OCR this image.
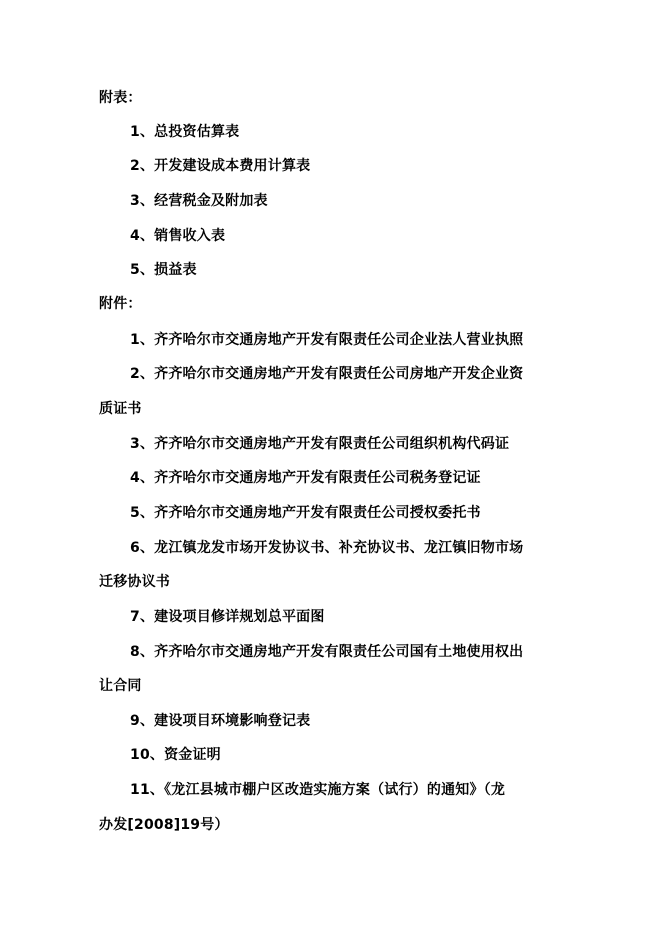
附表：
1、总投资估算表
2、开发建设成本费用计算表
3、经营税金及附加表
4、销售收入表
5、损益表
附件：
1、齐齐哈尔市交通房地产开发有限责任公司企业法人营业执照
2、齐齐哈尔市交通房地产开发有限责任公司房地产开发企业资
质证书
3、齐齐哈尔市交通房地产开发有限责任公司组织机构代码证
4、齐齐哈尔市交通房地产开发有限责任公司税务登记证
5、齐齐哈尔市交通房地产开发有限责任公司授权委托书
6、龙江镇龙发市场开发协议书、补充协议书、龙江镇旧物市场
迁移协议书
7、建设项目修详规划总平面图
8、齐齐哈尔市交通房地产开发有限责任公司国有土地使用权出
让合同
9、建设项目环境影响登记表
10、资金证明
11、《龙江县城市棚户区改造实施方案（试行）的通知》（龙
办发[2008]19号）
